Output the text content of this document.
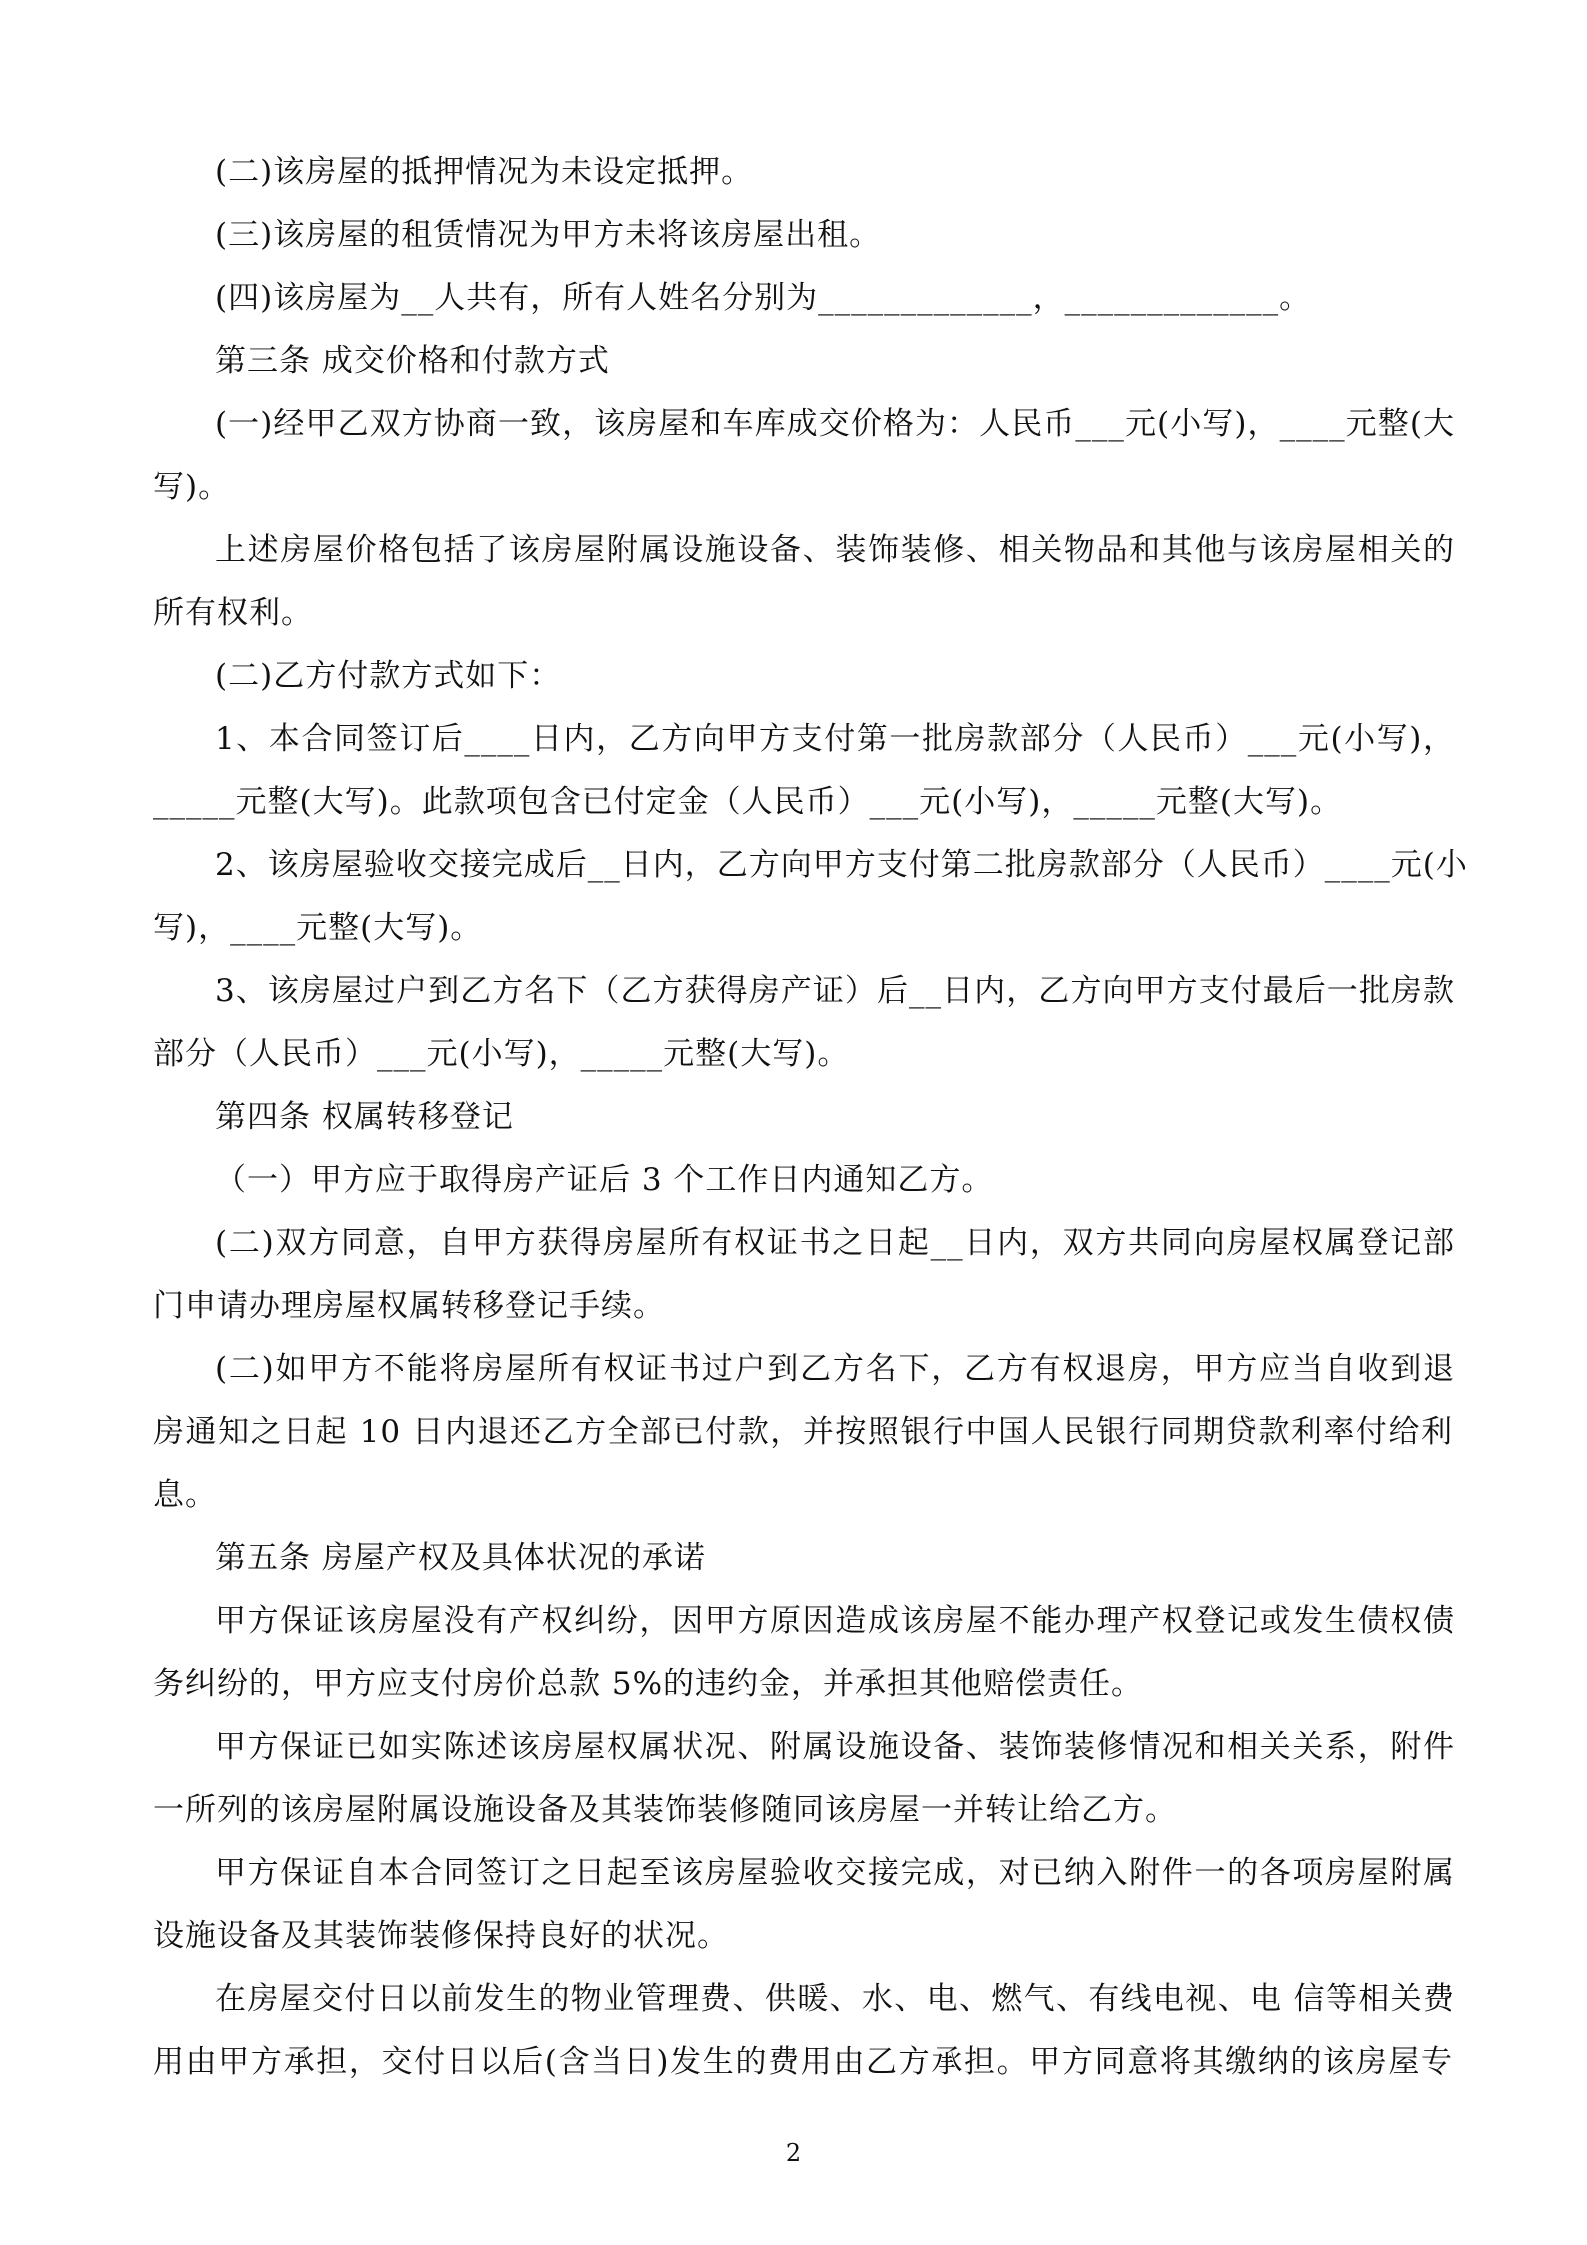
(二)该房屋的抵押情况为未设定抵押。
(三)该房屋的租赁情况为甲方未将该房屋出租。
(四)该房屋为__人共有，所有人姓名分别为_____________，_____________。
第三条 成交价格和付款方式
(一)经甲乙双方协商一致，该房屋和车库成交价格为：人民币___元(小写)，____元整(大
写)。
上述房屋价格包括了该房屋附属设施设备、装饰装修、相关物品和其他与该房屋相关的
所有权利。
(二)乙方付款方式如下：
1、本合同签订后____日内，乙方向甲方支付第一批房款部分（人民币）___元(小写)，
_____元整(大写)。此款项包含已付定金（人民币）___元(小写)，_____元整(大写)。
2、该房屋验收交接完成后__日内，乙方向甲方支付第二批房款部分（人民币）____元(小
写)，____元整(大写)。
3、该房屋过户到乙方名下（乙方获得房产证）后__日内，乙方向甲方支付最后一批房款
部分（人民币）___元(小写)，_____元整(大写)。
第四条 权属转移登记
（一）甲方应于取得房产证后 3 个工作日内通知乙方。
(二)双方同意，自甲方获得房屋所有权证书之日起__日内，双方共同向房屋权属登记部
门申请办理房屋权属转移登记手续。
(二)如甲方不能将房屋所有权证书过户到乙方名下，乙方有权退房，甲方应当自收到退
房通知之日起 10 日内退还乙方全部已付款，并按照银行中国人民银行同期贷款利率付给利
息。
第五条 房屋产权及具体状况的承诺
甲方保证该房屋没有产权纠纷，因甲方原因造成该房屋不能办理产权登记或发生债权债
务纠纷的，甲方应支付房价总款 5%的违约金，并承担其他赔偿责任。
甲方保证已如实陈述该房屋权属状况、附属设施设备、装饰装修情况和相关关系，附件
一所列的该房屋附属设施设备及其装饰装修随同该房屋一并转让给乙方。
甲方保证自本合同签订之日起至该房屋验收交接完成，对已纳入附件一的各项房屋附属
设施设备及其装饰装修保持良好的状况。
在房屋交付日以前发生的物业管理费、供暖、水、电、燃气、有线电视、电 信等相关费
用由甲方承担，交付日以后(含当日)发生的费用由乙方承担。甲方同意将其缴纳的该房屋专
2
